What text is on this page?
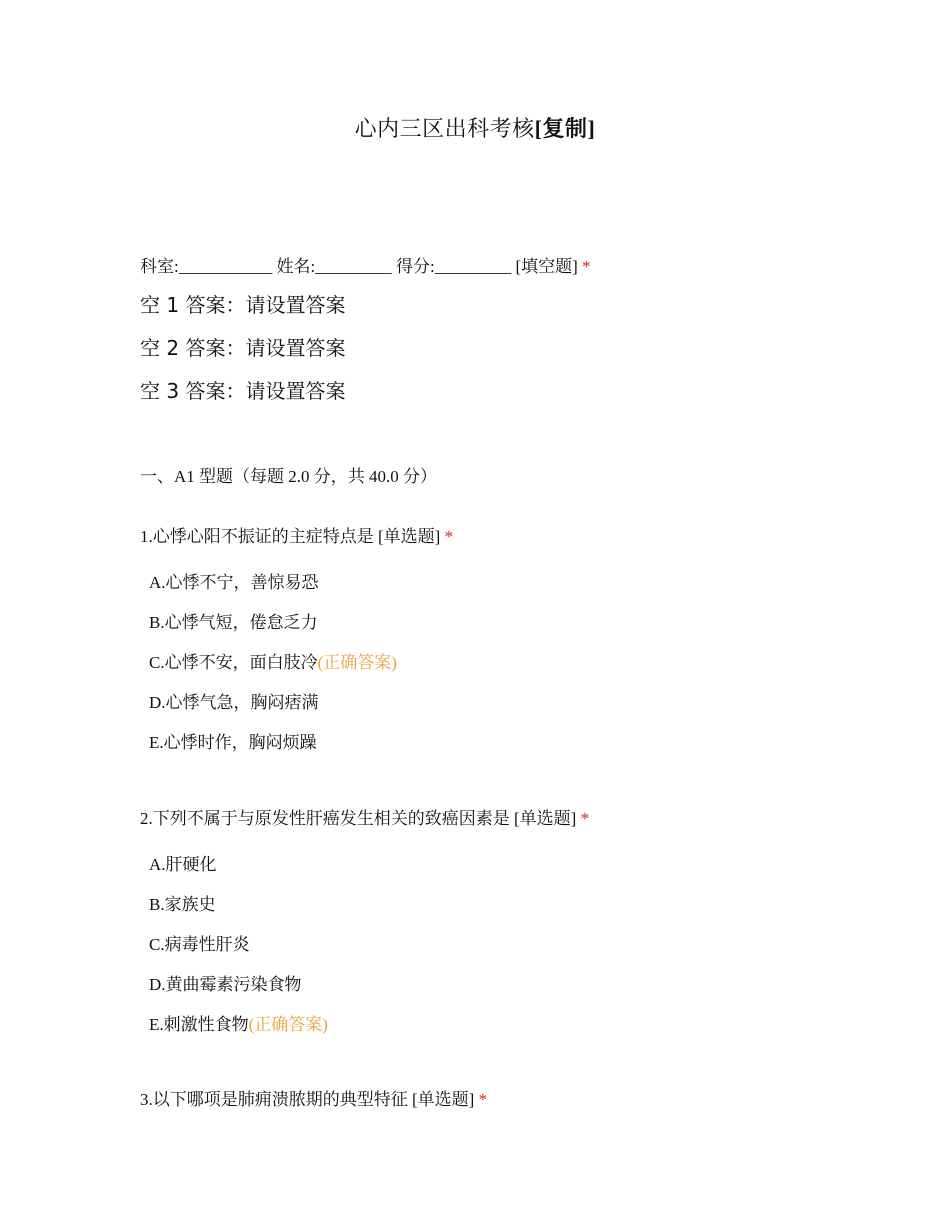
心内三区出科考核[复制]
科室:___________ 姓名:_________ 得分:_________ [填空题] *
空 1 答案：请设置答案
空 2 答案：请设置答案
空 3 答案：请设置答案
一、A1 型题（每题 2.0 分，共 40.0 分）
1.心悸心阳不振证的主症特点是 [单选题] *
A.心悸不宁，善惊易恐
B.心悸气短，倦怠乏力
C.心悸不安，面白肢冷(正确答案)
D.心悸气急，胸闷痞满
E.心悸时作，胸闷烦躁
2.下列不属于与原发性肝癌发生相关的致癌因素是 [单选题] *
A.肝硬化
B.家族史
C.病毒性肝炎
D.黄曲霉素污染食物
E.刺激性食物(正确答案)
3.以下哪项是肺痈溃脓期的典型特征 [单选题] *
